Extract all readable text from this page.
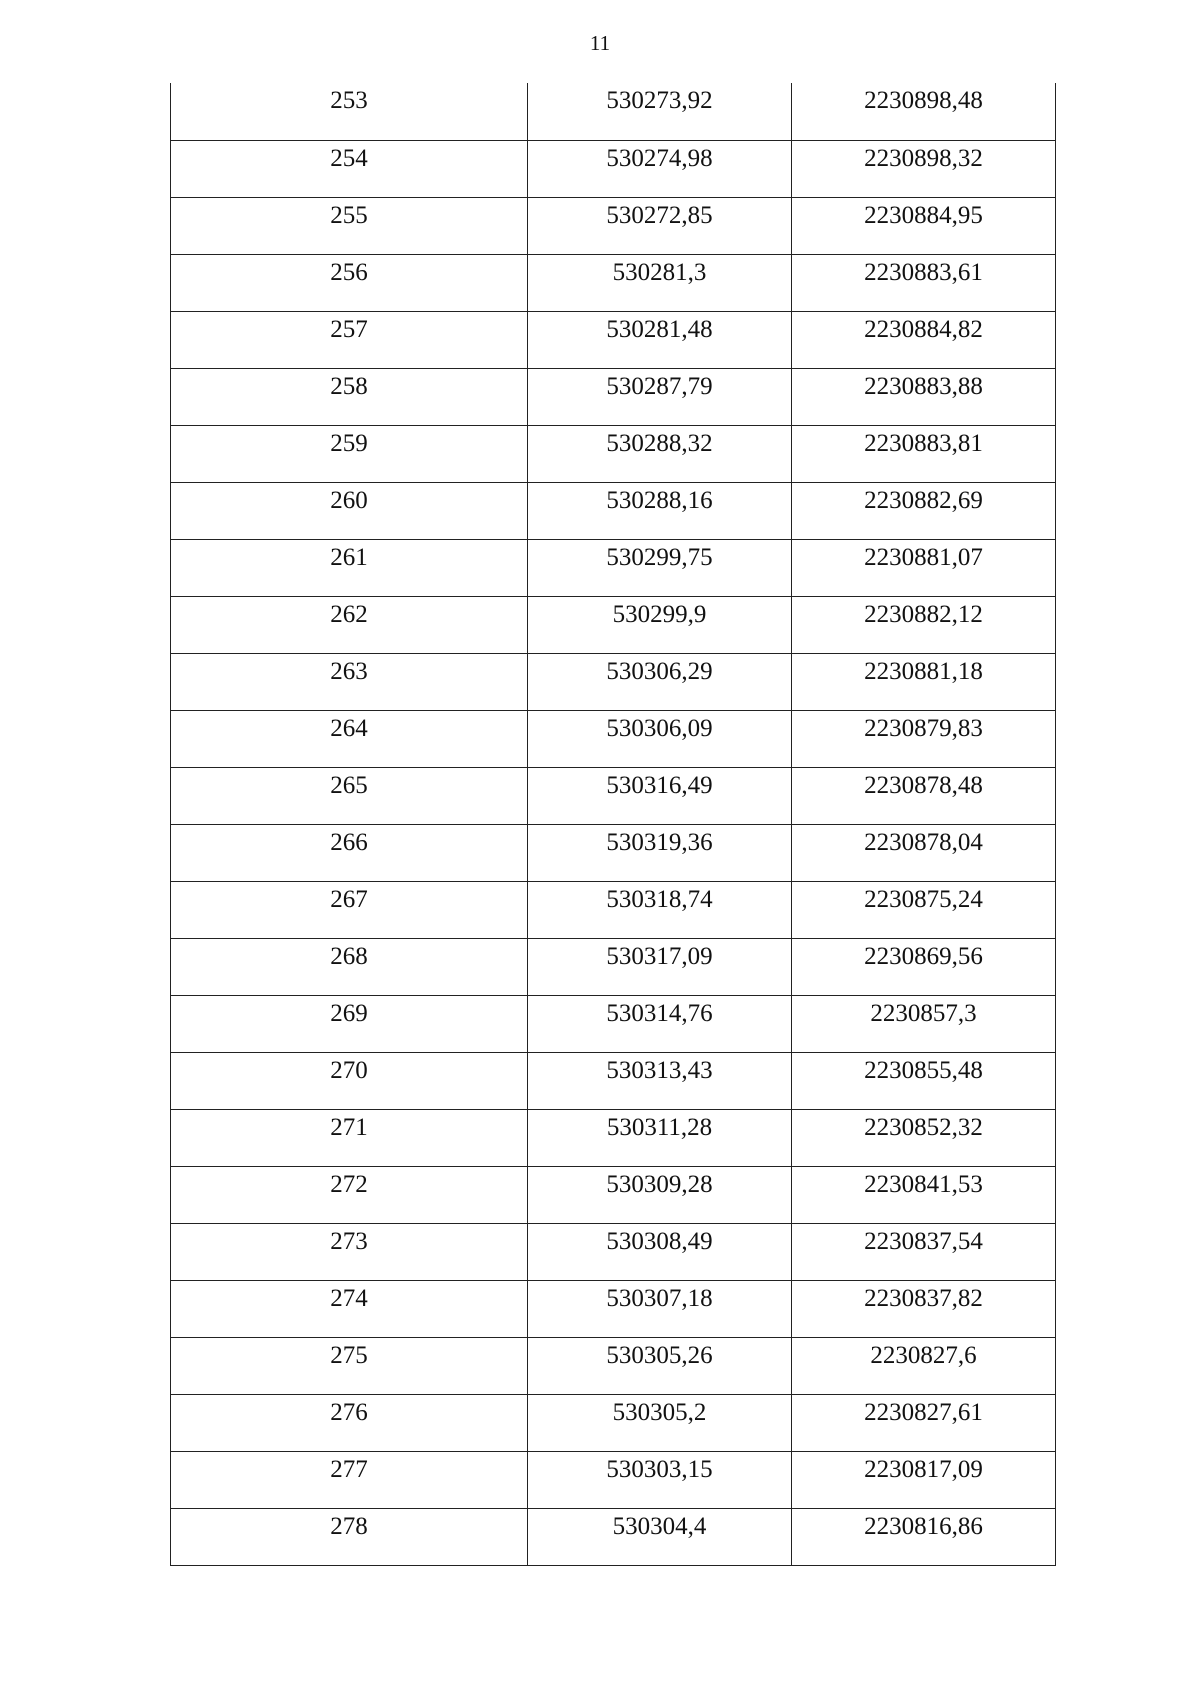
11
253	530273,92	2230898,48
254	530274,98	2230898,32
255	530272,85	2230884,95
256	530281,3	2230883,61
257	530281,48	2230884,82
258	530287,79	2230883,88
259	530288,32	2230883,81
260	530288,16	2230882,69
261	530299,75	2230881,07
262	530299,9	2230882,12
263	530306,29	2230881,18
264	530306,09	2230879,83
265	530316,49	2230878,48
266	530319,36	2230878,04
267	530318,74	2230875,24
268	530317,09	2230869,56
269	530314,76	2230857,3
270	530313,43	2230855,48
271	530311,28	2230852,32
272	530309,28	2230841,53
273	530308,49	2230837,54
274	530307,18	2230837,82
275	530305,26	2230827,6
276	530305,2	2230827,61
277	530303,15	2230817,09
278	530304,4	2230816,86
